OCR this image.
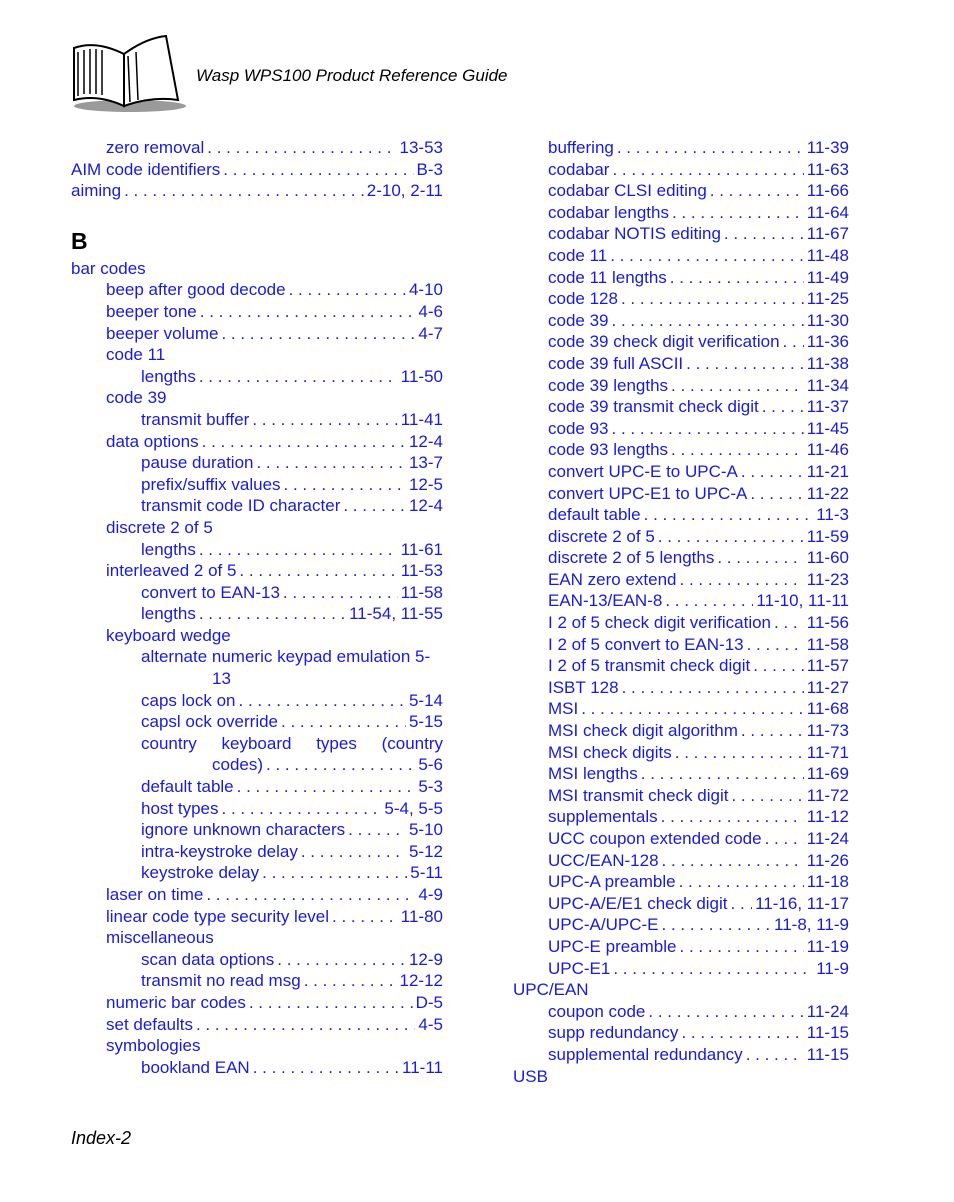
Wasp WPS100 Product Reference Guide
zero removal . . .	13-53
AIM code identifiers . . .	B-3
aiming . . .	2-10, 2-11
B
bar codes
beep after good decode . . .	4-10
beeper tone . . .	4-6
beeper volume . . .	4-7
code 11
lengths . . .	11-50
code 39
transmit buffer . . .	11-41
data options . . .	12-4
pause duration . . .	13-7
prefix/suffix values . . .	12-5
transmit code ID character . . .	12-4
discrete 2 of 5
lengths . . .	11-61
interleaved 2 of 5 . . .	11-53
convert to EAN-13 . . .	11-58
lengths . . .	11-54, 11-55
keyboard wedge
alternate numeric keypad emulation 5-
13
caps lock on . . .	5-14
capsl ock override . . .	5-15
country keyboard types (country
codes) . . .	5-6
default table . . .	5-3
host types . . .	5-4, 5-5
ignore unknown characters . . .	5-10
intra-keystroke delay . . .	5-12
keystroke delay . . .	5-11
laser on time . . .	4-9
linear code type security level . . .	11-80
miscellaneous
scan data options . . .	12-9
transmit no read msg . . .	12-12
numeric bar codes . . .	D-5
set defaults . . .	4-5
symbologies
bookland EAN . . .	11-11
buffering . . .	11-39
codabar . . .	11-63
codabar CLSI editing . . .	11-66
codabar lengths . . .	11-64
codabar NOTIS editing . . .	11-67
code 11 . . .	11-48
code 11 lengths . . .	11-49
code 128 . . .	11-25
code 39 . . .	11-30
code 39 check digit verification . . . 11-36
code 39 full ASCII . . .	11-38
code 39 lengths . . .	11-34
code 39 transmit check digit . . .	11-37
code 93 . . .	11-45
code 93 lengths . . .	11-46
convert UPC-E to UPC-A . . .	11-21
convert UPC-E1 to UPC-A . . .	11-22
default table . . .	11-3
discrete 2 of 5 . . .	11-59
discrete 2 of 5 lengths . . .	11-60
EAN zero extend . . .	11-23
EAN-13/EAN-8 . . .	11-10, 11-11
I 2 of 5 check digit verification . . . 11-56
I 2 of 5 convert to EAN-13 . . .	11-58
I 2 of 5 transmit check digit . . .	11-57
ISBT 128 . . .	11-27
MSI . . .	11-68
MSI check digit algorithm . . .	11-73
MSI check digits . . .	11-71
MSI lengths . . .	11-69
MSI transmit check digit . . .	11-72
supplementals . . .	11-12
UCC coupon extended code . . .	11-24
UCC/EAN-128 . . .	11-26
UPC-A preamble . . .	11-18
UPC-A/E/E1 check digit . . . 11-16, 11-17
UPC-A/UPC-E . . .	11-8, 11-9
UPC-E preamble . . .	11-19
UPC-E1 . . .	11-9
UPC/EAN
coupon code . . .	11-24
supp redundancy . . .	11-15
supplemental redundancy . . .	11-15
USB
Index-2
